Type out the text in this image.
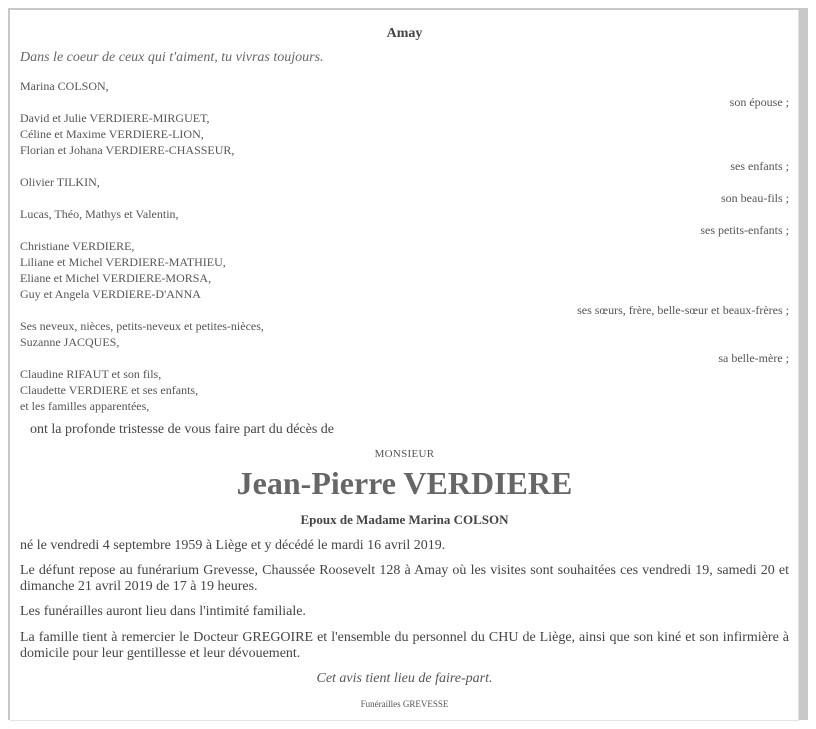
Amay
Dans le coeur de ceux qui t'aiment, tu vivras toujours.
Marina COLSON,
son épouse ;
David et Julie VERDIERE-MIRGUET,
Céline et Maxime VERDIERE-LION,
Florian et Johana VERDIERE-CHASSEUR,
ses enfants ;
Olivier TILKIN,
son beau-fils ;
Lucas, Théo, Mathys et Valentin,
ses petits-enfants ;
Christiane VERDIERE,
Liliane et Michel VERDIERE-MATHIEU,
Eliane et Michel VERDIERE-MORSA,
Guy et Angela VERDIERE-D'ANNA
ses sœurs, frère, belle-sœur et beaux-frères ;
Ses neveux, nièces, petits-neveux et petites-nièces,
Suzanne JACQUES,
sa belle-mère ;
Claudine RIFAUT et son fils,
Claudette VERDIERE et ses enfants,
et les familles apparentées,
ont la profonde tristesse de vous faire part du décès de
MONSIEUR
Jean-Pierre VERDIERE
Epoux de Madame Marina COLSON
né le vendredi 4 septembre 1959 à Liège et y décédé le mardi 16 avril 2019.
Le défunt repose au funérarium Grevesse, Chaussée Roosevelt 128 à Amay où les visites sont souhaitées ces vendredi 19, samedi 20 et dimanche 21 avril 2019 de 17 à 19 heures.
Les funérailles auront lieu dans l'intimité familiale.
La famille tient à remercier le Docteur GREGOIRE et l'ensemble du personnel du CHU de Liège, ainsi que son kiné et son infirmière à domicile pour leur gentillesse et leur dévouement.
Cet avis tient lieu de faire-part.
Funérailles GREVESSE
